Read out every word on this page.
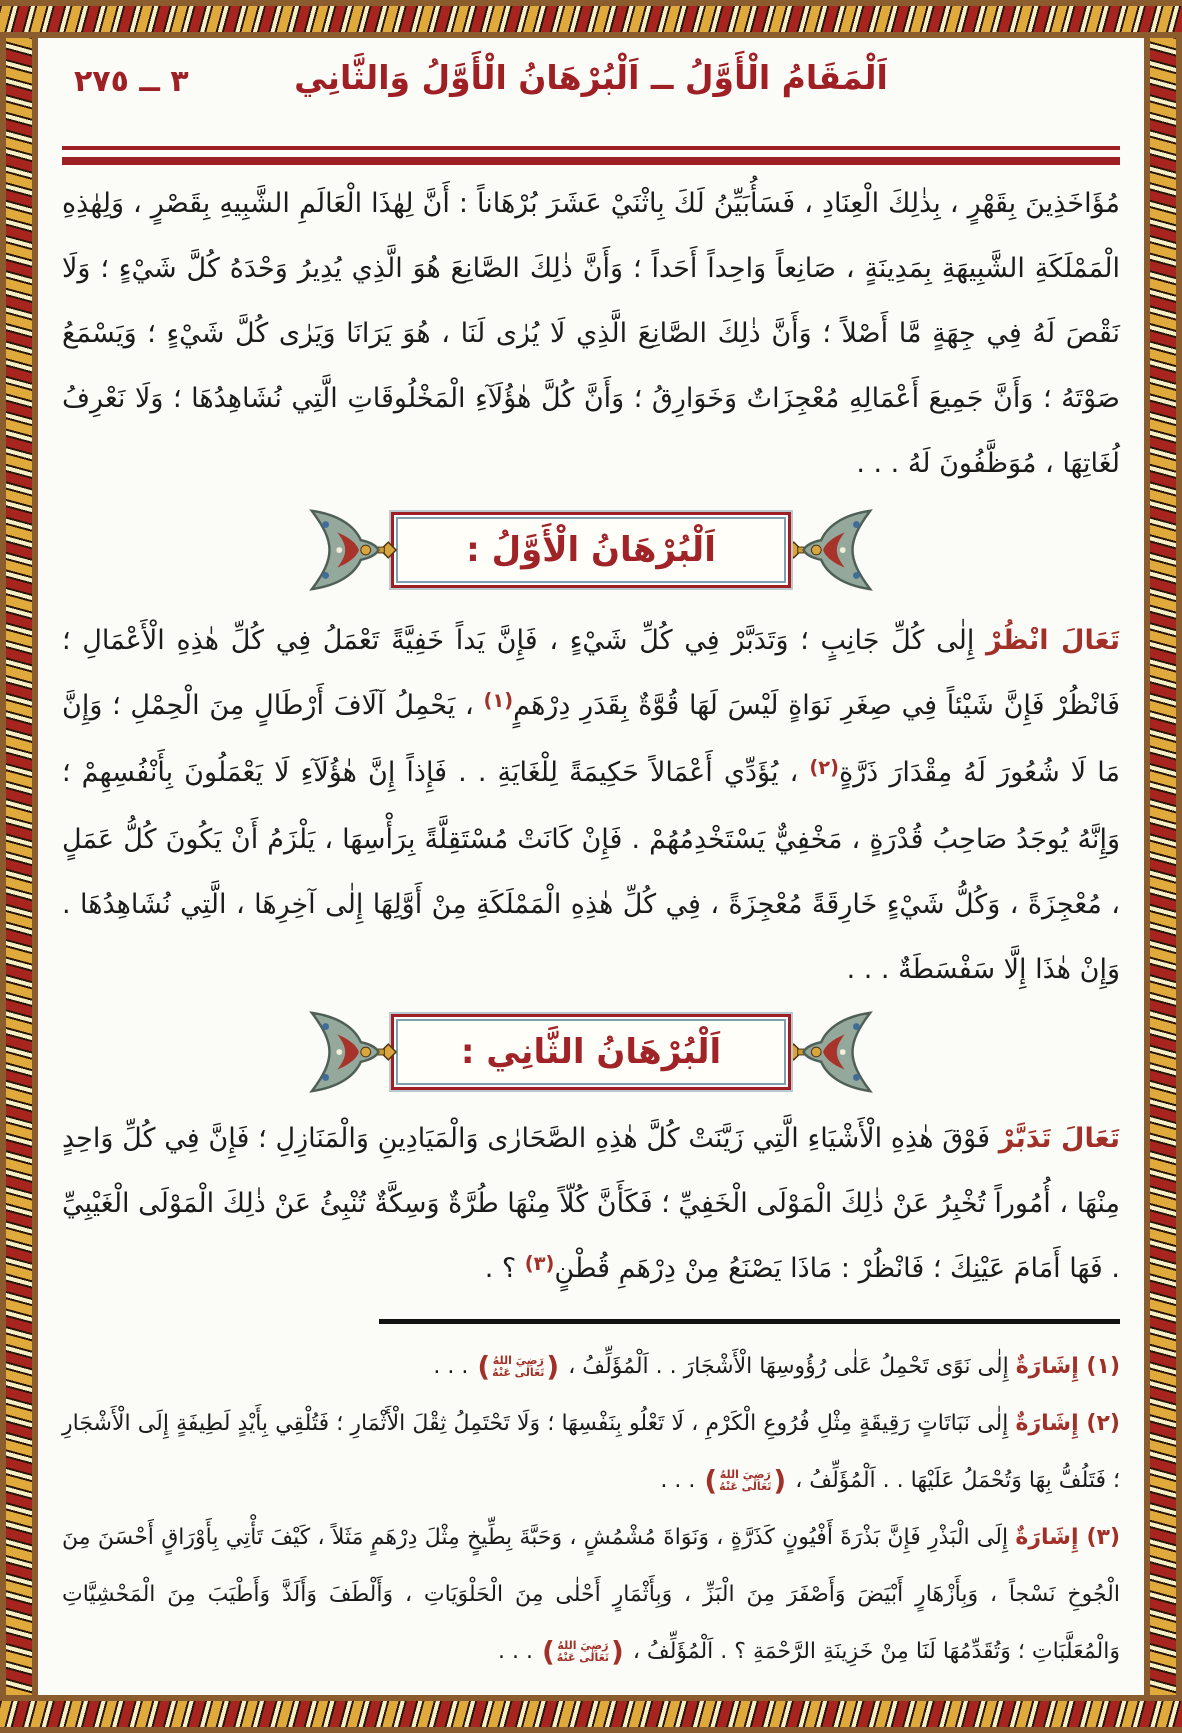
٣ ــ ٢٧٥	اَلْمَقَامُ الْأَوَّلُ ــ اَلْبُرْهَانُ الْأَوَّلُ وَالثَّانِي

مُؤَاخَذِينَ بِقَهْرٍ ، بِذٰلِكَ الْعِنَادِ ، فَسَأُبَيِّنُ لَكَ بِاثْنَيْ عَشَرَ بُرْهَاناً : أَنَّ لِهٰذَا الْعَالَمِ الشَّبِيهِ بِقَصْرٍ ، وَلِهٰذِهِ الْمَمْلَكَةِ الشَّبِيهَةِ بِمَدِينَةٍ ، صَانِعاً وَاحِداً أَحَداً ؛ وَأَنَّ ذٰلِكَ الصَّانِعَ هُوَ الَّذِي يُدِيرُ وَحْدَهُ كُلَّ شَيْءٍ ؛ وَلَا نَقْصَ لَهُ فِي جِهَةٍ مَّا أَصْلاً ؛ وَأَنَّ ذٰلِكَ الصَّانِعَ الَّذِي لَا يُرٰى لَنَا ، هُوَ يَرَانَا وَيَرٰى كُلَّ شَيْءٍ ؛ وَيَسْمَعُ صَوْتَهُ ؛ وَأَنَّ جَمِيعَ أَعْمَالِهِ مُعْجِزَاتٌ وَخَوَارِقُ ؛ وَأَنَّ كُلَّ هٰؤُلَآءِ الْمَخْلُوقَاتِ الَّتِي نُشَاهِدُهَا ؛ وَلَا نَعْرِفُ لُغَاتِهَا ، مُوَظَّفُونَ لَهُ . . .

اَلْبُرْهَانُ الْأَوَّلُ :

تَعَالَ انْظُرْ إِلٰى كُلِّ جَانِبٍ ؛ وَتَدَبَّرْ فِي كُلِّ شَيْءٍ ، فَإِنَّ يَداً خَفِيَّةً تَعْمَلُ فِي كُلِّ هٰذِهِ الْأَعْمَالِ ؛ فَانْظُرْ فَإِنَّ شَيْئاً فِي صِغَرِ نَوَاةٍ لَيْسَ لَهَا قُوَّةٌ بِقَدَرِ دِرْهَمٍ$^{(١)}$ ، يَحْمِلُ آلَافَ أَرْطَالٍ مِنَ الْحِمْلِ ؛ وَإِنَّ مَا لَا شُعُورَ لَهُ مِقْدَارَ ذَرَّةٍ$^{(٢)}$ ، يُؤَدِّي أَعْمَالاً حَكِيمَةً لِلْغَايَةِ . . فَإِذاً إِنَّ هٰؤُلَآءِ لَا يَعْمَلُونَ بِأَنْفُسِهِمْ ؛ وَإِنَّهُ يُوجَدُ صَاحِبُ قُدْرَةٍ ، مَخْفِيٌّ يَسْتَخْدِمُهُمْ . فَإِنْ كَانَتْ مُسْتَقِلَّةً بِرَأْسِهَا ، يَلْزَمُ أَنْ يَكُونَ كُلُّ عَمَلٍ ، مُعْجِزَةً ، وَكُلُّ شَيْءٍ خَارِقَةً مُعْجِزَةً ، فِي كُلِّ هٰذِهِ الْمَمْلَكَةِ مِنْ أَوَّلِهَا إِلٰى آخِرِهَا ، الَّتِي نُشَاهِدُهَا . وَإِنْ هٰذَا إِلَّا سَفْسَطَةٌ . . .

اَلْبُرْهَانُ الثَّانِي :

تَعَالَ تَدَبَّرْ فَوْقَ هٰذِهِ الْأَشْيَاءِ الَّتِي زَيَّنَتْ كُلَّ هٰذِهِ الصَّحَارٰى وَالْمَيَادِينِ وَالْمَنَازِلِ ؛ فَإِنَّ فِي كُلِّ وَاحِدٍ مِنْهَا ، أُمُوراً تُخْبِرُ عَنْ ذٰلِكَ الْمَوْلَى الْخَفِيِّ ؛ فَكَأَنَّ كُلّاً مِنْهَا طُرَّةٌ وَسِكَّةٌ تُنْبِئُ عَنْ ذٰلِكَ الْمَوْلَى الْغَيْبِيِّ . فَهَا أَمَامَ عَيْنِكَ ؛ فَانْظُرْ : مَاذَا يَصْنَعُ مِنْ دِرْهَمِ قُطْنٍ$^{(٣)}$ ؟ .

(١) إِشَارَةٌ إِلٰى نَوًى تَحْمِلُ عَلٰى رُؤُوسِهَا الْأَشْجَارَ . . اَلْمُؤَلِّفُ ،
(
رَضِيَ اللهُ
تَعَالٰى عَنْهُ
)
. . .

(٢) إِشَارَةٌ إِلٰى نَبَاتَاتٍ رَقِيقَةٍ مِثْلِ فُرُوعِ الْكَرْمِ ، لَا تَعْلُو بِنَفْسِهَا ؛ وَلَا تَحْتَمِلُ ثِقْلَ الْأَثْمَارِ ؛ فَتُلْقِي بِأَيْدٍ لَطِيفَةٍ إِلَى الْأَشْجَارِ ؛ فَتَلُفُّ بِهَا وَتُحْمَلُ عَلَيْهَا . . اَلْمُؤَلِّفُ ،
(
رَضِيَ اللهُ
تَعَالٰى عَنْهُ
)
. . .

(٣) إِشَارَةٌ إِلَى الْبَذْرِ فَإِنَّ بَذْرَةَ أَفْيُونٍ كَذَرَّةٍ ، وَنَوَاةَ مُشْمُشٍ ، وَحَبَّةَ بِطِّيخٍ مِثْلَ دِرْهَمٍ مَثَلاً ، كَيْفَ تَأْتِي بِأَوْرَاقٍ أَحْسَنَ مِنَ الْجُوخِ نَسْجاً ، وَبِأَزْهَارٍ أَبْيَضَ وَأَصْفَرَ مِنَ الْبَزِّ ، وَبِأَثْمَارٍ أَحْلٰى مِنَ الْحَلْوَيَاتِ ، وَأَلْطَفَ وَأَلَذَّ وَأَطْيَبَ مِنَ الْمَحْشِيَّاتِ وَالْمُعَلَّبَاتِ ؛ وَتُقَدِّمُهَا لَنَا مِنْ خَزِينَةِ الرَّحْمَةِ ؟ . اَلْمُؤَلِّفُ ،
(
رَضِيَ اللهُ
تَعَالٰى عَنْهُ
)
. . .
